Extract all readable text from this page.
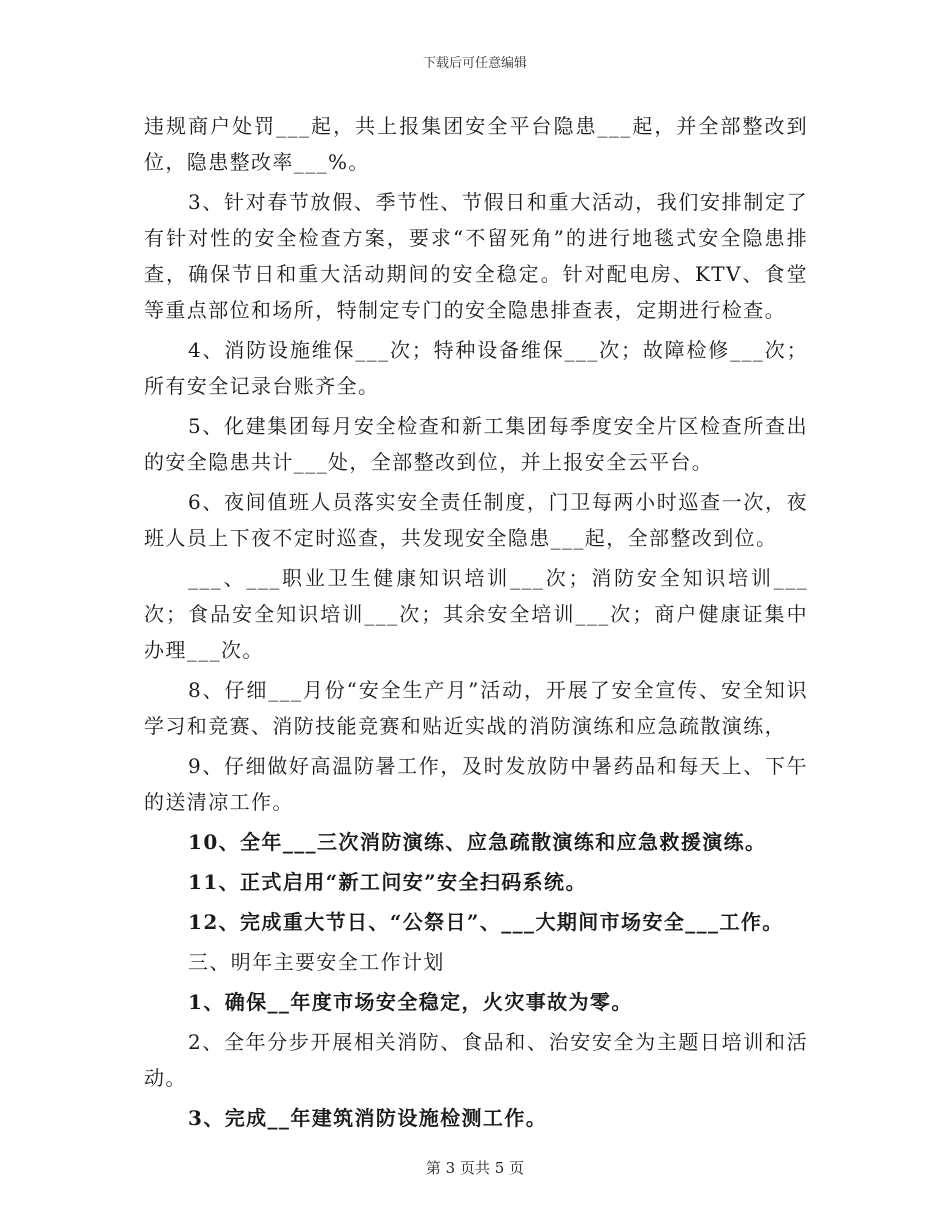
下载后可任意编辑

违规商户处罚___起，共上报集团安全平台隐患___起，并全部整改到位，隐患整改率___%。

3、针对春节放假、季节性、节假日和重大活动，我们安排制定了有针对性的安全检查方案，要求“不留死角”的进行地毯式安全隐患排查，确保节日和重大活动期间的安全稳定。针对配电房、KTV、食堂等重点部位和场所，特制定专门的安全隐患排查表，定期进行检查。

4、消防设施维保___次；特种设备维保___次；故障检修___次；所有安全记录台账齐全。

5、化建集团每月安全检查和新工集团每季度安全片区检查所查出的安全隐患共计___处，全部整改到位，并上报安全云平台。

6、夜间值班人员落实安全责任制度，门卫每两小时巡查一次，夜班人员上下夜不定时巡查，共发现安全隐患___起，全部整改到位。

___、___职业卫生健康知识培训___次；消防安全知识培训___次；食品安全知识培训___次；其余安全培训___次；商户健康证集中办理___次。

8、仔细___月份“安全生产月”活动，开展了安全宣传、安全知识学习和竞赛、消防技能竞赛和贴近实战的消防演练和应急疏散演练，

9、仔细做好高温防暑工作，及时发放防中暑药品和每天上、下午的送清凉工作。

10、全年___三次消防演练、应急疏散演练和应急救援演练。

11、正式启用“新工问安”安全扫码系统。

12、完成重大节日、“公祭日”、___大期间市场安全___工作。

三、明年主要安全工作计划

1、确保__年度市场安全稳定，火灾事故为零。

2、全年分步开展相关消防、食品和、治安安全为主题日培训和活动。

3、完成__年建筑消防设施检测工作。

第 3 页共 5 页
